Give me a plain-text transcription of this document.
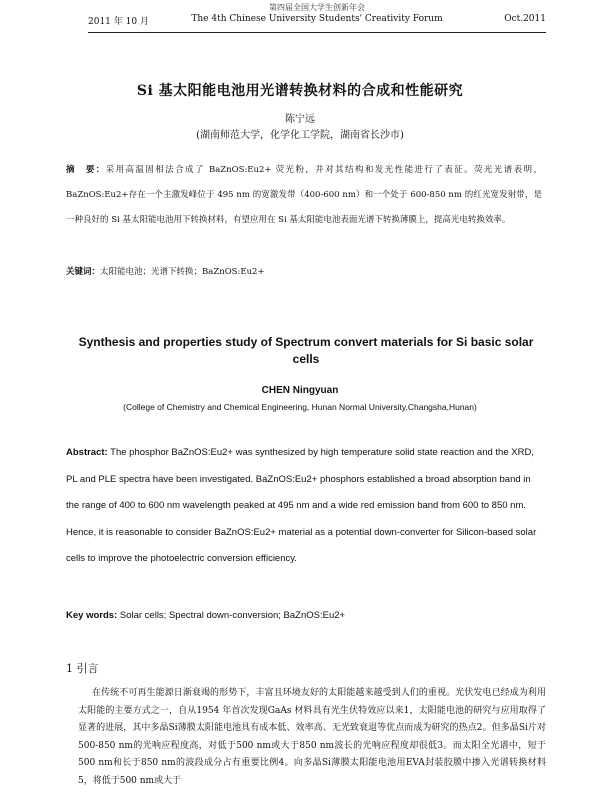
第四届全国大学生创新年会
2011 年 10 月	The 4th Chinese University Students' Creativity Forum	Oct.2011
Si 基太阳能电池用光谱转换材料的合成和性能研究
陈宁远
(湖南师范大学，化学化工学院，湖南省长沙市)
摘　要：采用高温固相法合成了 BaZnOS:Eu2+ 荧光粉，并对其结构和发光性能进行了表征。荧光光谱表明，BaZnOS:Eu2+存在一个主激发峰位于 495 nm 的宽激发带（400-600 nm）和一个处于 600-850 nm 的红光宽发射带，是一种良好的 Si 基太阳能电池用下转换材料，有望应用在 Si 基太阳能电池表面光谱下转换薄膜上，提高光电转换效率。
关键词：太阳能电池；光谱下转换；BaZnOS:Eu2+
Synthesis and properties study of Spectrum convert materials for Si basic solar cells
CHEN Ningyuan
(College of Chemistry and Chemical Engineering, Hunan Normal University,Changsha,Hunan)
Abstract: The phosphor BaZnOS:Eu2+ was synthesized by high temperature solid state reaction and the XRD, PL and PLE spectra have been investigated. BaZnOS:Eu2+ phosphors established a broad absorption band in the range of 400 to 600 nm wavelength peaked at 495 nm and a wide red emission band from 600 to 850 nm. Hence, it is reasonable to consider BaZnOS:Eu2+ material as a potential down-converter for Silicon-based solar cells to improve the photoelectric conversion efficiency.
Key words: Solar cells; Spectral down-conversion; BaZnOS:Eu2+
1 引言
在传统不可再生能源日渐衰竭的形势下，丰富且环境友好的太阳能越来越受到人们的重视。光伏发电已经成为利用太阳能的主要方式之一，自从1954 年首次发现GaAs 材料具有光生伏特效应以来1，太阳能电池的研究与应用取得了显著的进展，其中多晶Si薄膜太阳能电池具有成本低、效率高、无光致衰退等优点而成为研究的热点2。但多晶Si片对500-850 nm的光响应程度高，对低于500 nm或大于850 nm波长的光响应程度却很低3。而太阳全光谱中，短于500 nm和长于850 nm的波段成分占有重要比例4。向多晶Si薄膜太阳能电池用EVA封装胶膜中掺入光谱转换材料5，将低于500 nm或大于
